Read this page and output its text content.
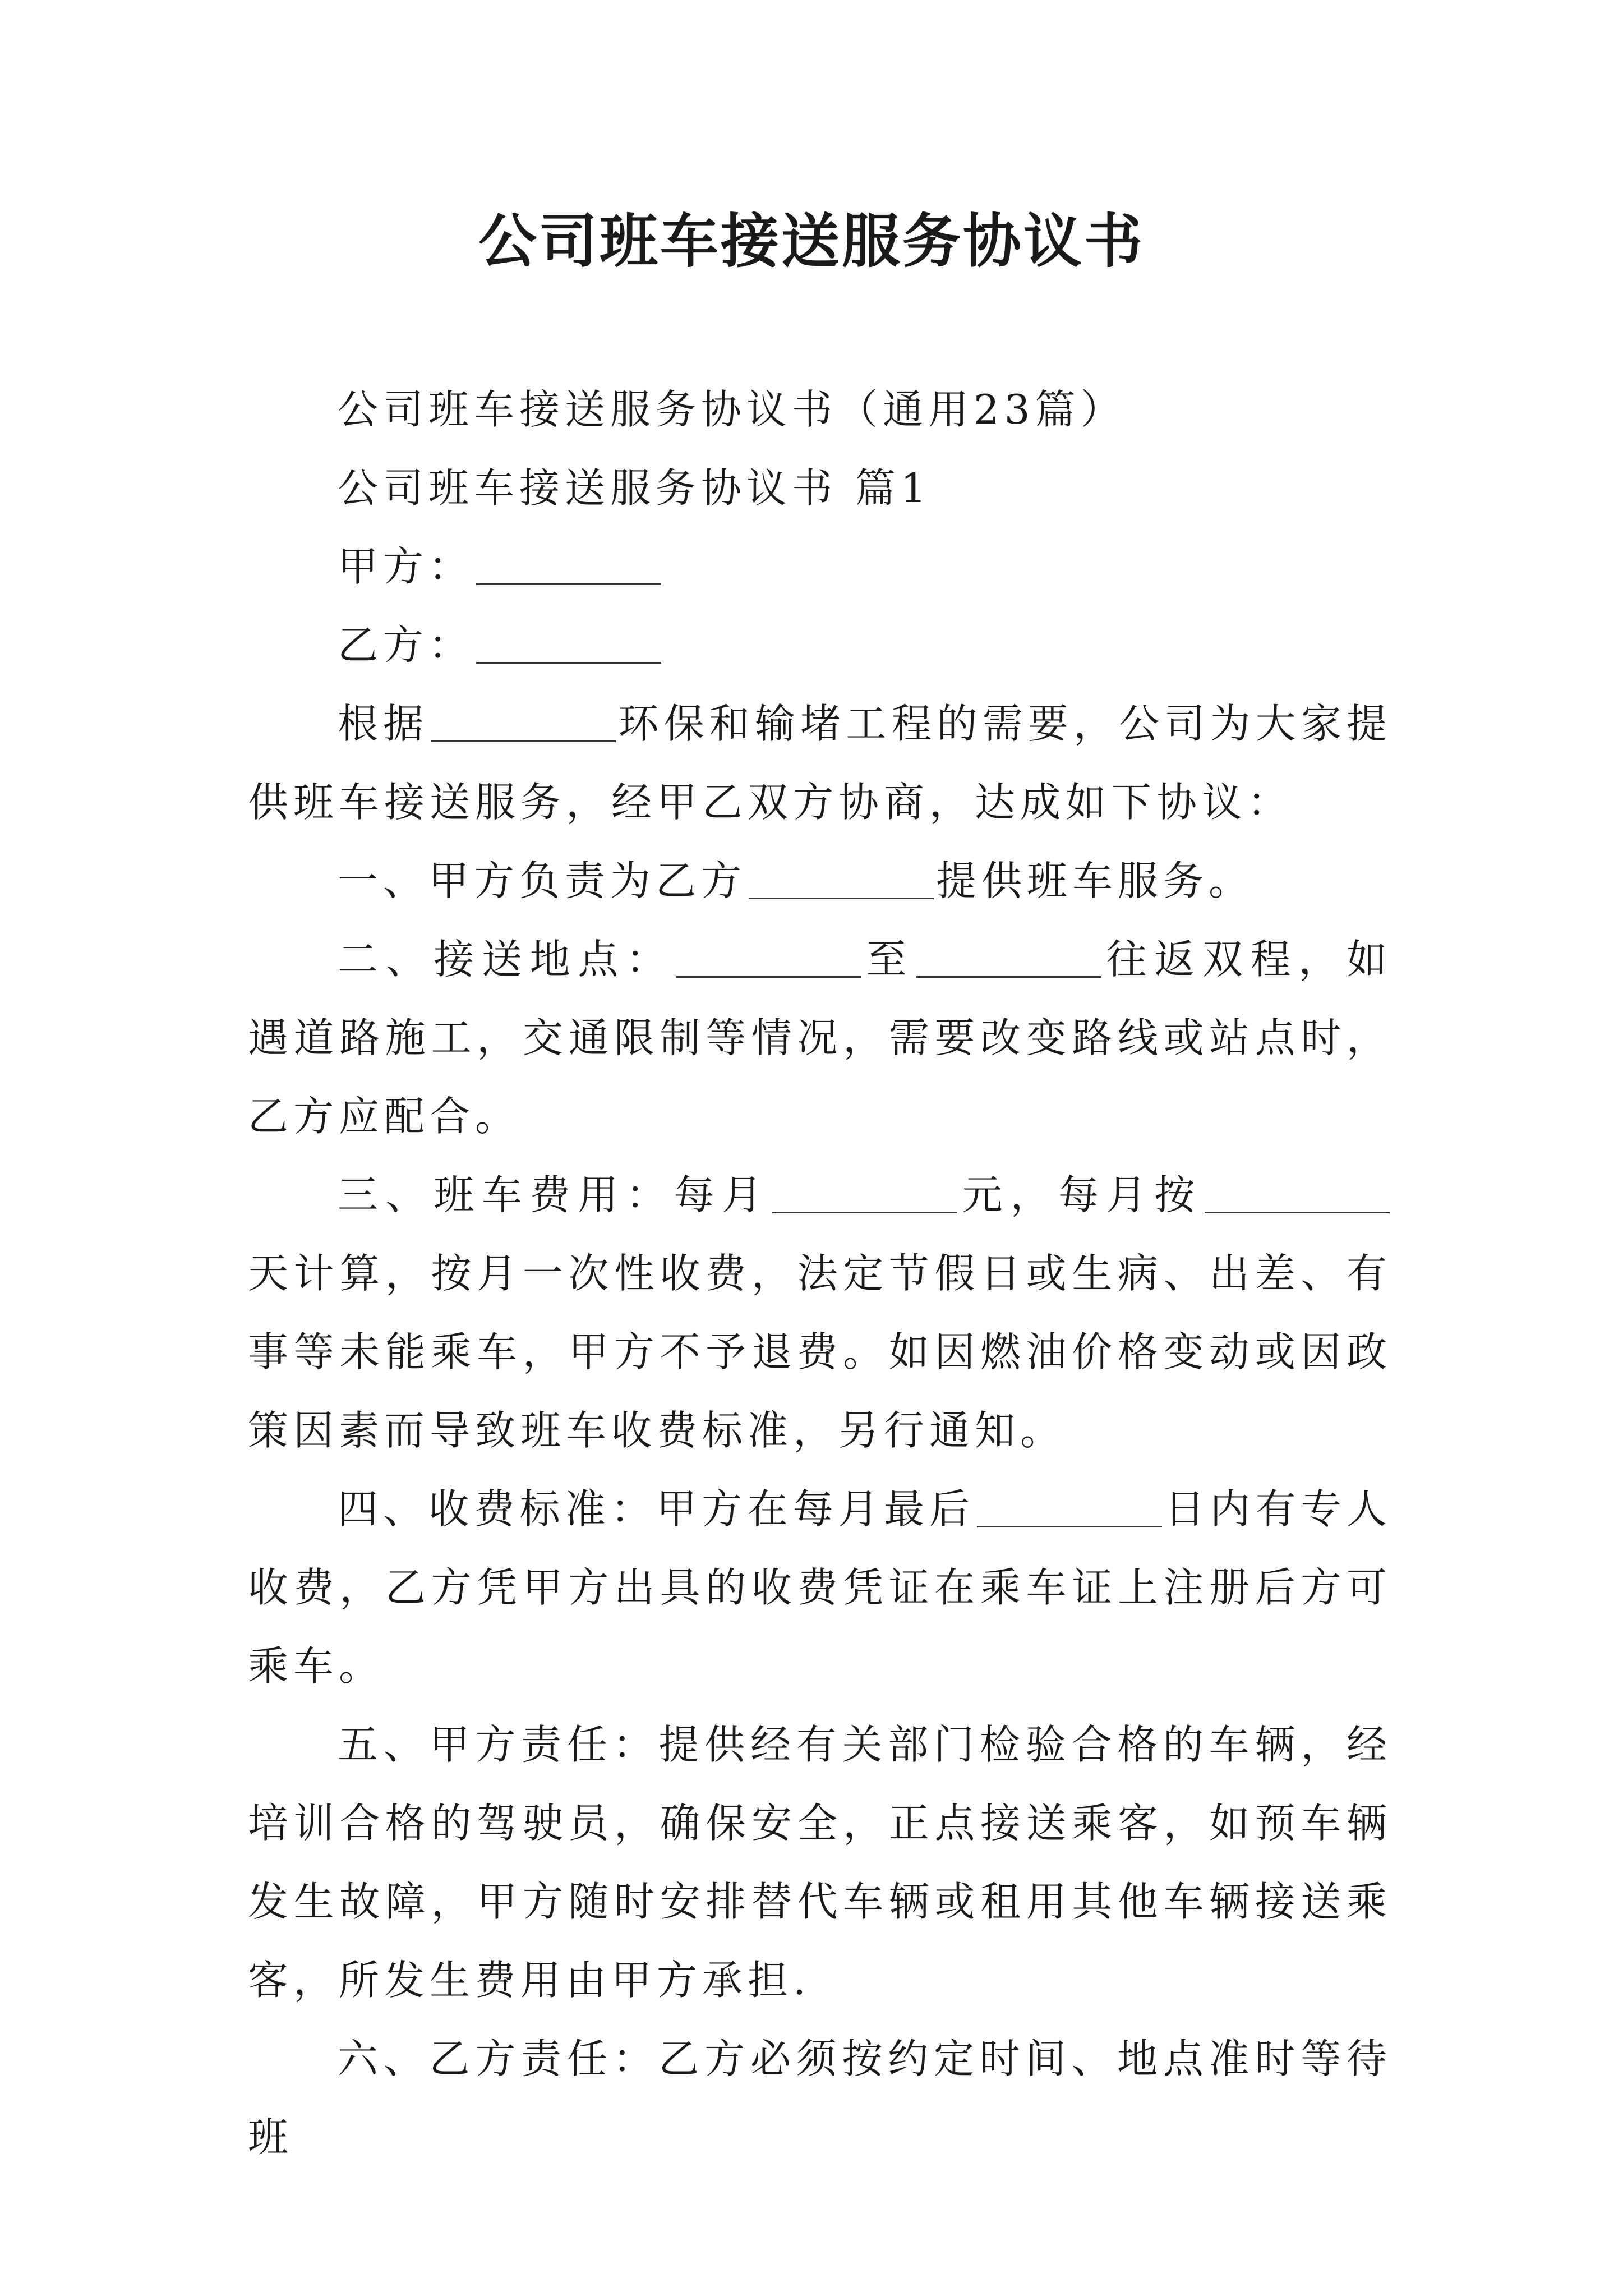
公司班车接送服务协议书

公司班车接送服务协议书（通用23篇）

公司班车接送服务协议书 篇1

甲方：

乙方：

根据	环保和输堵工程的需要，公司为大家提供班车接送服务，经甲乙双方协商，达成如下协议：

一、甲方负责为乙方	提供班车服务。

二、接送地点：	至	往返双程，如遇道路施工，交通限制等情况，需要改变路线或站点时，乙方应配合。

三、班车费用：每月	元，每月按天计算，按月一次性收费，法定节假日或生病、出差、有事等未能乘车，甲方不予退费。如因燃油价格变动或因政策因素而导致班车收费标准，另行通知。

四、收费标准：甲方在每月最后	日内有专人收费，乙方凭甲方出具的收费凭证在乘车证上注册后方可乘车。

五、甲方责任：提供经有关部门检验合格的车辆，经培训合格的驾驶员，确保安全，正点接送乘客，如预车辆发生故障，甲方随时安排替代车辆或租用其他车辆接送乘客，所发生费用由甲方承担.

六、乙方责任：乙方必须按约定时间、地点准时等待班
